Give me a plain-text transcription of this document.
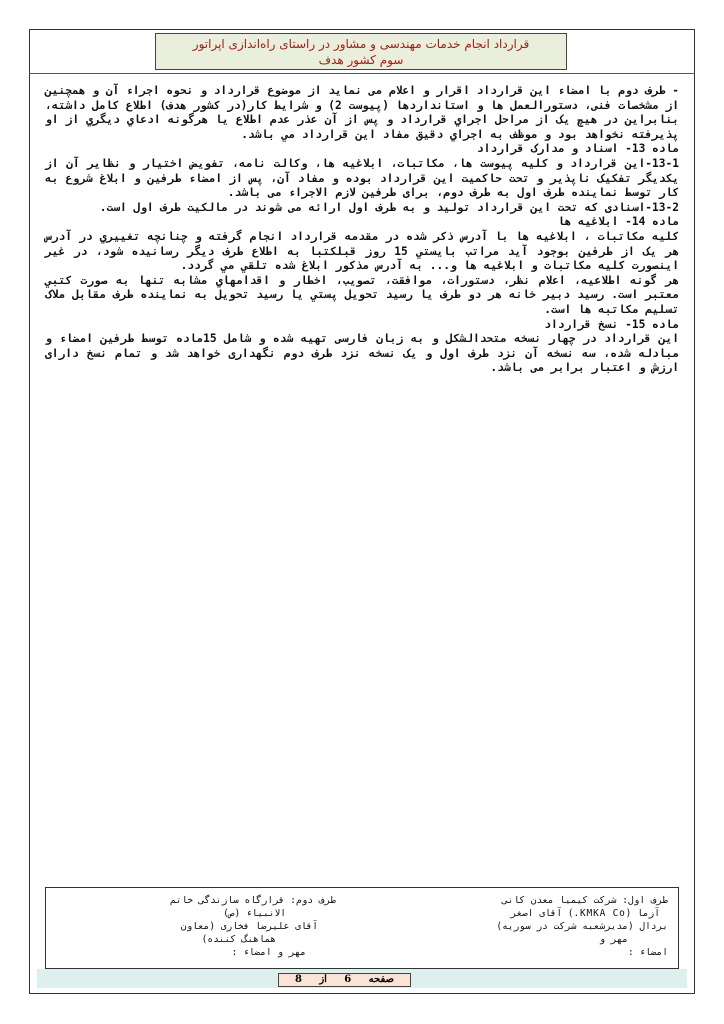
قرارداد انجام خدمات مهندسی و مشاور در راستای راه‌اندازی اپراتور
سوم کشور هدف

- طرف دوم با امضاء این قرارداد اقرار و اعلام می نماید از موضوع قرارداد و نحوه اجراء آن و همچنین از مشخصات فنی، دستورالعمل ها و استانداردها (پیوست 2) و شرایط کار(در کشور هدف) اطلاع کامل داشته، بنابراین در هیچ یک از مراحل اجراي قرارداد و پس از آن عذر عدم اطلاع یا هرگونه ادعاي دیگري از او پذیرفته نخواهد بود و موظف به اجراي دقیق مفاد این قرارداد مي باشد.

ماده 13- اسناد و مدارک قرارداد

13-1-این قرارداد و کلیه پیوست ها، مکاتبات، ابلاغیه ها، وکالت نامه، تفویض اختیار و نظایر آن از یکدیگر تفکیک ناپذیر و تحت حاکمیت این قرارداد بوده و مفاد آن، پس از امضاء طرفین و ابلاغ شروع به کار توسط نماینده طرف اول به طرف دوم، برای طرفین لازم الاجراء می باشد.

13-2-اسنادی که تحت این قرارداد تولید و به طرف اول ارائه می شوند در مالکیت طرف اول است.

ماده 14- ابلاغیه ها

کلیه مکاتبات ، ابلاغیه ها با آدرس ذکر شده در مقدمه قرارداد انجام گرفته و چنانچه تغییري در آدرس هر یک از طرفین بوجود آید مراتب بایستي 15 روز قبلکتبا به اطلاع طرف دیگر رسانیده شود، در غیر اینصورت کلیه مکاتبات و ابلاغیه ها و... به آدرس مذکور ابلاغ شده تلقي مي گردد.

هر گونه اطلاعیه، اعلام نظر، دستورات، موافقت، تصویب، اخطار و اقدامهاي مشابه تنها به صورت کتبي معتبر است. رسید دبیر خانه هر دو طرف یا رسید تحویل پستي یا رسید تحویل به نماینده طرف مقابل ملاک تسلیم مکاتبه ها است.

ماده 15- نسخ قرارداد

این قرارداد در چهار نسخه متحدالشکل و به زبان فارسی تهیه شده و شامل 15ماده توسط طرفین امضاء و مبادله شده، سه نسخه آن نزد طرف اول و یک نسخه نزد طرف دوم نگهداری خواهد شد و تمام نسخ دارای ارزش و اعتبار برابر می باشد.

طرف اول: شرکت کیمیا معدن کانی
آزما (KMKA Co.) آقای اصغر
بردال (مدیرشعبه شرکت در سوریه)
مهر و
امضاء :
طرف دوم: قرارگاه سازندگی خاتم
الانبیاء (ص)
آقای علیرضا فخاری (معاون
هماهنگ کننده)
مهر و امضاء :
صفحه
6
از
8
